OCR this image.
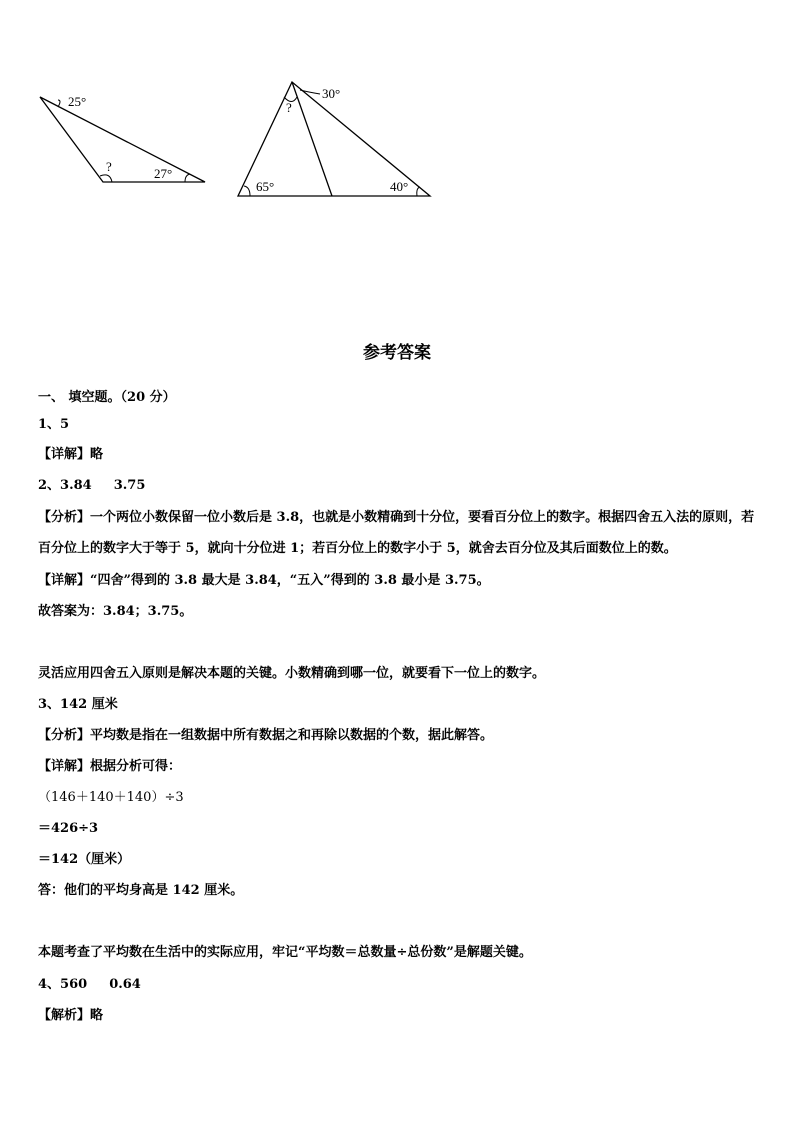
25°
?	27°
30°
?
65°	40°
参考答案
一、 填空题。（20 分）
1、5
【详解】略
2、3.84 3.75
【分析】一个两位小数保留一位小数后是 3.8，也就是小数精确到十分位，要看百分位上的数字。根据四舍五入法的原则，若百分位上的数字大于等于 5，就向十分位进 1；若百分位上的数字小于 5，就舍去百分位及其后面数位上的数。
【详解】“四舍”得到的 3.8 最大是 3.84，“五入”得到的 3.8 最小是 3.75。
故答案为：3.84；3.75。
灵活应用四舍五入原则是解决本题的关键。小数精确到哪一位，就要看下一位上的数字。
3、142 厘米
【分析】平均数是指在一组数据中所有数据之和再除以数据的个数，据此解答。
【详解】根据分析可得：
（146＋140＋140）÷3
＝426÷3
＝142（厘米）
答：他们的平均身高是 142 厘米。
本题考查了平均数在生活中的实际应用，牢记“平均数＝总数量÷总份数”是解题关键。
4、560 0.64
【解析】略
